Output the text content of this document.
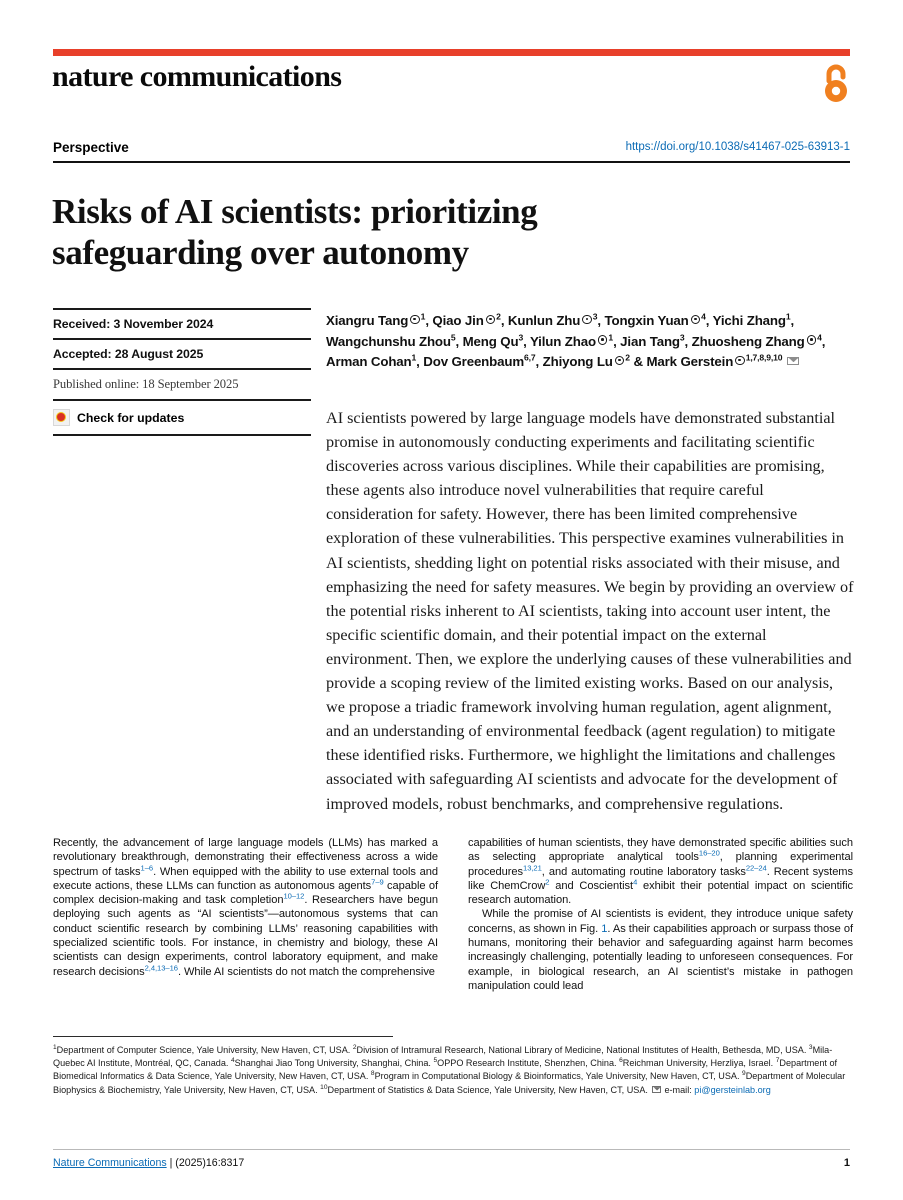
nature communications
Perspective	https://doi.org/10.1038/s41467-025-63913-1
Risks of AI scientists: prioritizing safeguarding over autonomy
Received: 3 November 2024
Accepted: 28 August 2025
Published online: 18 September 2025
Check for updates
Xiangru Tang $^1$, Qiao Jin $^2$, Kunlun Zhu $^3$, Tongxin Yuan $^4$, Yichi Zhang$^1$,
Wangchunshu Zhou$^5$, Meng Qu$^3$, Yilun Zhao $^1$, Jian Tang$^3$, Zhuosheng Zhang $^4$,
Arman Cohan$^1$, Dov Greenbaum$^{6,7}$, Zhiyong Lu $^2$ & Mark Gerstein $^{1,7,8,9,10}$
AI scientists powered by large language models have demonstrated substantial promise in autonomously conducting experiments and facilitating scientific discoveries across various disciplines. While their capabilities are promising, these agents also introduce novel vulnerabilities that require careful consideration for safety. However, there has been limited comprehensive exploration of these vulnerabilities. This perspective examines vulnerabilities in AI scientists, shedding light on potential risks associated with their misuse, and emphasizing the need for safety measures. We begin by providing an overview of the potential risks inherent to AI scientists, taking into account user intent, the specific scientific domain, and their potential impact on the external environment. Then, we explore the underlying causes of these vulnerabilities and provide a scoping review of the limited existing works. Based on our analysis, we propose a triadic framework involving human regulation, agent alignment, and an understanding of environmental feedback (agent regulation) to mitigate these identified risks. Furthermore, we highlight the limitations and challenges associated with safeguarding AI scientists and advocate for the development of improved models, robust benchmarks, and comprehensive regulations.

Recently, the advancement of large language models (LLMs) has marked a revolutionary breakthrough, demonstrating their effectiveness across a wide spectrum of tasks$^{1-6}$. When equipped with the ability to use external tools and execute actions, these LLMs can function as autonomous agents$^{7-9}$ capable of complex decision-making and task completion$^{10-12}$. Researchers have begun deploying such agents as “AI scientists”—autonomous systems that can conduct scientific research by combining LLMs’ reasoning capabilities with specialized scientific tools. For instance, in chemistry and biology, these AI scientists can design experiments, control laboratory equipment, and make research decisions$^{2,4,13-16}$. While AI scientists do not match the comprehensive

capabilities of human scientists, they have demonstrated specific abilities such as selecting appropriate analytical tools$^{16-20}$, planning experimental procedures$^{13,21}$, and automating routine laboratory tasks$^{22-24}$. Recent systems like ChemCrow$^2$ and Coscientist$^4$ exhibit their potential impact on scientific research automation.
While the promise of AI scientists is evident, they introduce unique safety concerns, as shown in Fig. 1. As their capabilities approach or surpass those of humans, monitoring their behavior and safeguarding against harm becomes increasingly challenging, potentially leading to unforeseen consequences. For example, in biological research, an AI scientist’s mistake in pathogen manipulation could lead

$^1$Department of Computer Science, Yale University, New Haven, CT, USA. $^2$Division of Intramural Research, National Library of Medicine, National Institutes of Health, Bethesda, MD, USA. $^3$Mila-Quebec AI Institute, Montréal, QC, Canada. $^4$Shanghai Jiao Tong University, Shanghai, China. $^5$OPPO Research Institute, Shenzhen, China. $^6$Reichman University, Herzliya, Israel. $^7$Department of Biomedical Informatics & Data Science, Yale University, New Haven, CT, USA. $^8$Program in Computational Biology & Bioinformatics, Yale University, New Haven, CT, USA. $^9$Department of Molecular Biophysics & Biochemistry, Yale University, New Haven, CT, USA. $^{10}$Department of Statistics & Data Science, Yale University, New Haven, CT, USA. e-mail: pi@gersteinlab.org
Nature Communications | (2025)16:8317	1
